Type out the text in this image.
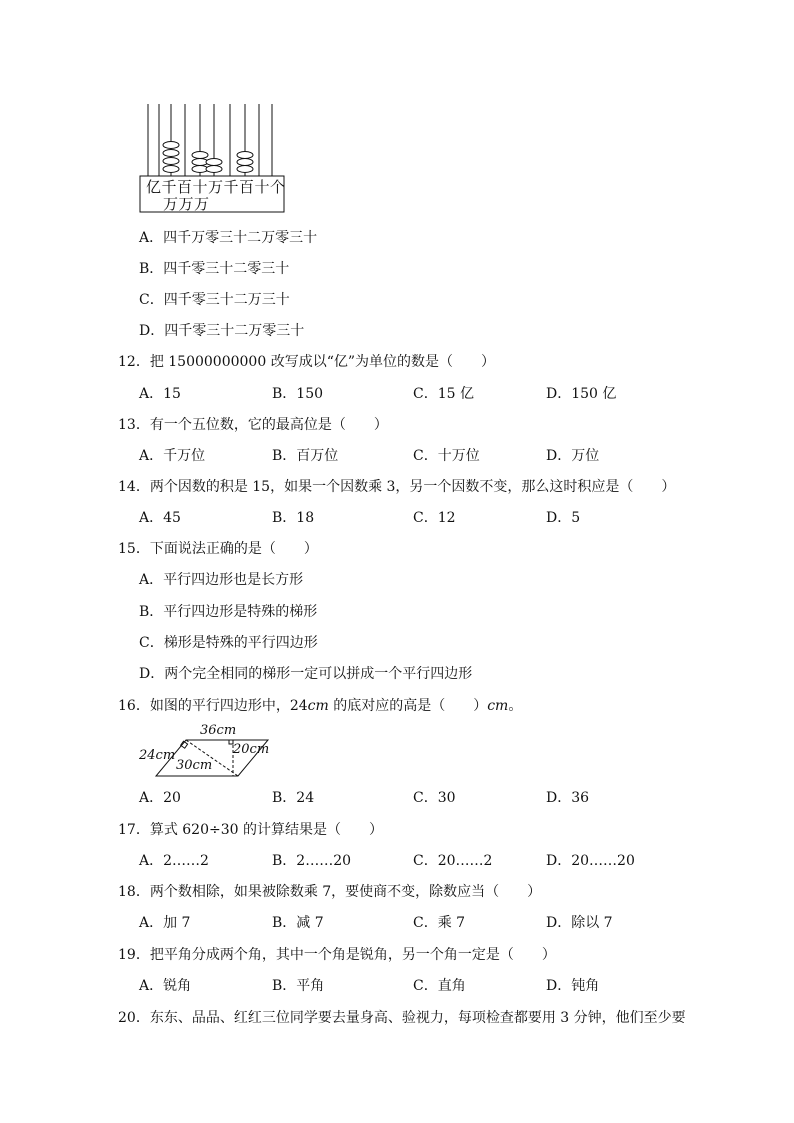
亿千百十万千百十个
万万万
A．四千万零三十二万零三十
B．四千零三十二零三十
C．四千零三十二万三十
D．四千零三十二万零三十
12．把 15000000000 改写成以“亿”为单位的数是（　　）
A．15	B．150	C．15 亿	D．150 亿
13．有一个五位数，它的最高位是（　　）
A．千万位	B．百万位	C．十万位	D．万位
14．两个因数的积是 15，如果一个因数乘 3，另一个因数不变，那么这时积应是（　　）
A．45	B．18	C．12	D．5
15．下面说法正确的是（　　）
A．平行四边形也是长方形
B．平行四边形是特殊的梯形
C．梯形是特殊的平行四边形
D．两个完全相同的梯形一定可以拼成一个平行四边形
16．如图的平行四边形中，24cm 的底对应的高是（　　）cm。
36cm
24cm	20cm
30cm
A．20	B．24	C．30	D．36
17．算式 620÷30 的计算结果是（　　）
A．2……2	B．2……20	C．20……2	D．20……20
18．两个数相除，如果被除数乘 7，要使商不变，除数应当（　　）
A．加 7	B．减 7	C．乘 7	D．除以 7
19．把平角分成两个角，其中一个角是锐角，另一个角一定是（　　）
A．锐角	B．平角	C．直角	D．钝角
20．东东、品品、红红三位同学要去量身高、验视力，每项检查都要用 3 分钟，他们至少要
